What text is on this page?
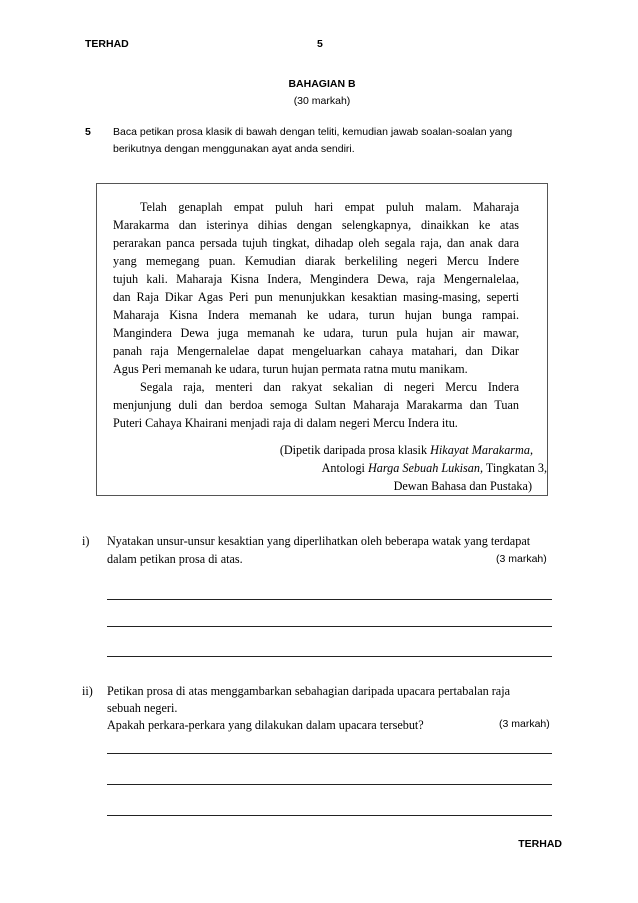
TERHAD	5
BAHAGIAN B
(30 markah)
5 Baca petikan prosa klasik di bawah dengan teliti, kemudian jawab soalan-soalan yang
berikutnya dengan menggunakan ayat anda sendiri.
Telah genaplah empat puluh hari empat puluh malam. Maharaja
Marakarma dan isterinya dihias dengan selengkapnya, dinaikkan ke atas
perarakan panca persada tujuh tingkat, dihadap oleh segala raja, dan anak dara
yang memegang puan. Kemudian diarak berkeliling negeri Mercu Indere
tujuh kali. Maharaja Kisna Indera, Mengindera Dewa, raja Mengernalelaa,
dan Raja Dikar Agas Peri pun menunjukkan kesaktian masing-masing, seperti
Maharaja Kisna Indera memanah ke udara, turun hujan bunga rampai.
Mangindera Dewa juga memanah ke udara, turun pula hujan air mawar,
panah raja Mengernalelae dapat mengeluarkan cahaya matahari, dan Dikar
Agus Peri memanah ke udara, turun hujan permata ratna mutu manikam.
Segala raja, menteri dan rakyat sekalian di negeri Mercu Indera
menjunjung duli dan berdoa semoga Sultan Maharaja Marakarma dan Tuan
Puteri Cahaya Khairani menjadi raja di dalam negeri Mercu Indera itu.
(Dipetik daripada prosa klasik Hikayat Marakarma,
Antologi Harga Sebuah Lukisan, Tingkatan 3,
Dewan Bahasa dan Pustaka)
i) Nyatakan unsur-unsur kesaktian yang diperlihatkan oleh beberapa watak yang terdapat
dalam petikan prosa di atas.	(3 markah)
ii) Petikan prosa di atas menggambarkan sebahagian daripada upacara pertabalan raja
sebuah negeri.
Apakah perkara-perkara yang dilakukan dalam upacara tersebut?	(3 markah)
TERHAD
